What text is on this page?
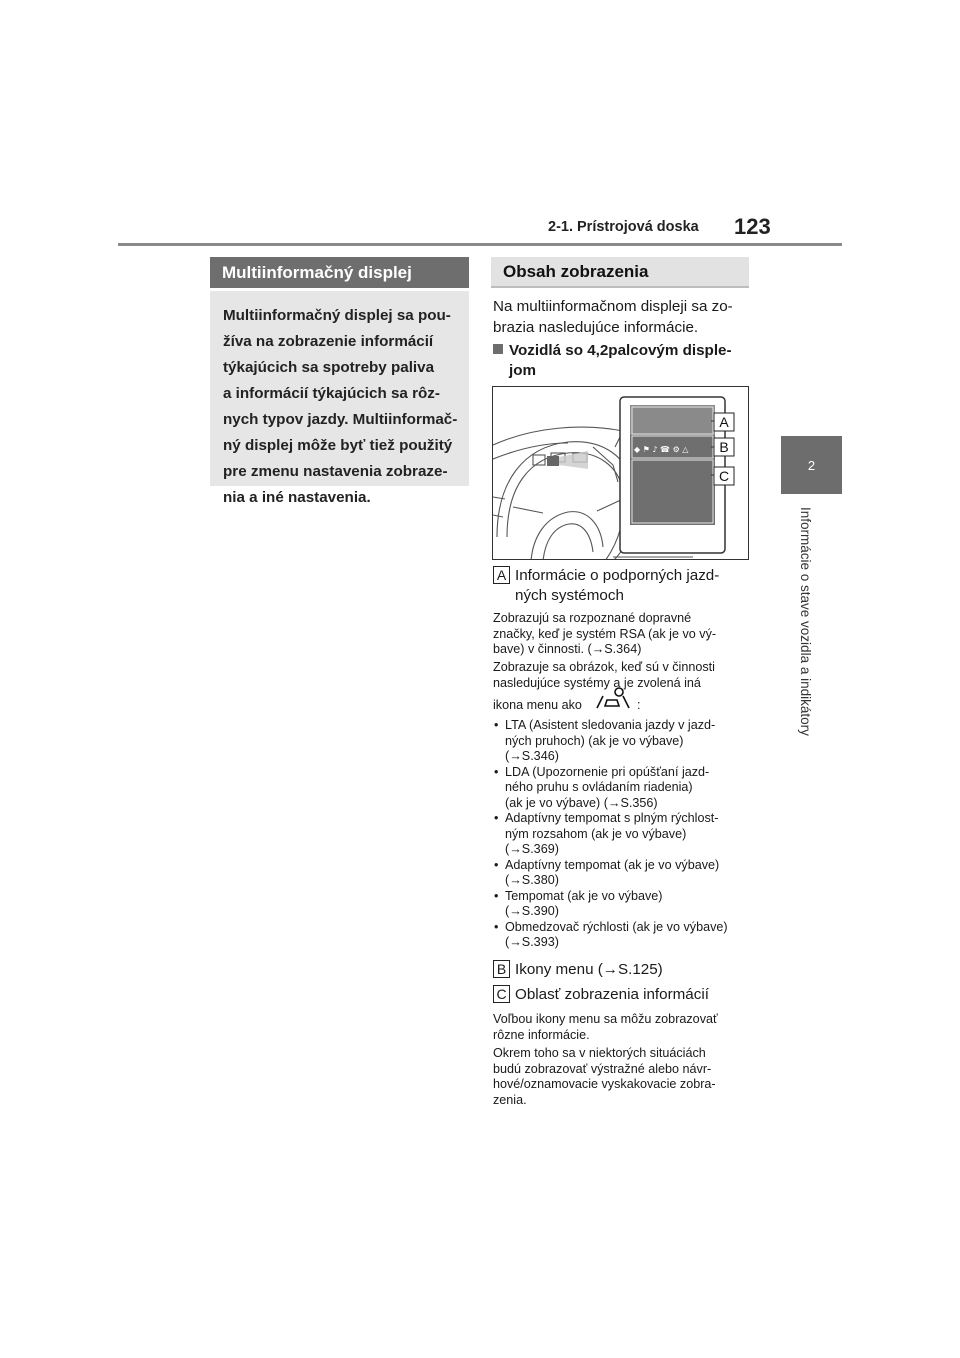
2-1. Prístrojová doska 123
2
Informácie o stave vozidla a indikátory
Multiinformačný displej
Multiinformačný displej sa pou-
žíva na zobrazenie informácií
týkajúcich sa spotreby paliva
a informácií týkajúcich sa rôz-
nych typov jazdy. Multiinformač-
ný displej môže byť tiež použitý
pre zmenu nastavenia zobraze-
nia a iné nastavenia.
Obsah zobrazenia
Na multiinformačnom displeji sa zo-
brazia nasledujúce informácie.
Vozidlá so 4,2palcovým disple-
jom
◆ ⚑ ♪ ☎ ⚙ △
A
B
C
A Informácie o podporných jazd-
ných systémoch
Zobrazujú sa rozpoznané dopravné
značky, keď je systém RSA (ak je vo vý-
bave) v činnosti. (→S.364)
Zobrazuje sa obrázok, keď sú v činnosti
nasledujúce systémy a je zvolená iná
ikona menu ako	:
• LTA (Asistent sledovania jazdy v jazd-
ných pruhoch) (ak je vo výbave)
(→S.346)
• LDA (Upozornenie pri opúšťaní jazd-
ného pruhu s ovládaním riadenia)
(ak je vo výbave) (→S.356)
• Adaptívny tempomat s plným rýchlost-
ným rozsahom (ak je vo výbave)
(→S.369)
• Adaptívny tempomat (ak je vo výbave)
(→S.380)
• Tempomat (ak je vo výbave)
(→S.390)
• Obmedzovač rýchlosti (ak je vo výbave)
(→S.393)
B Ikony menu (→S.125)
C Oblasť zobrazenia informácií
Voľbou ikony menu sa môžu zobrazovať
rôzne informácie.
Okrem toho sa v niektorých situáciách
budú zobrazovať výstražné alebo návr-
hové/oznamovacie vyskakovacie zobra-
zenia.
